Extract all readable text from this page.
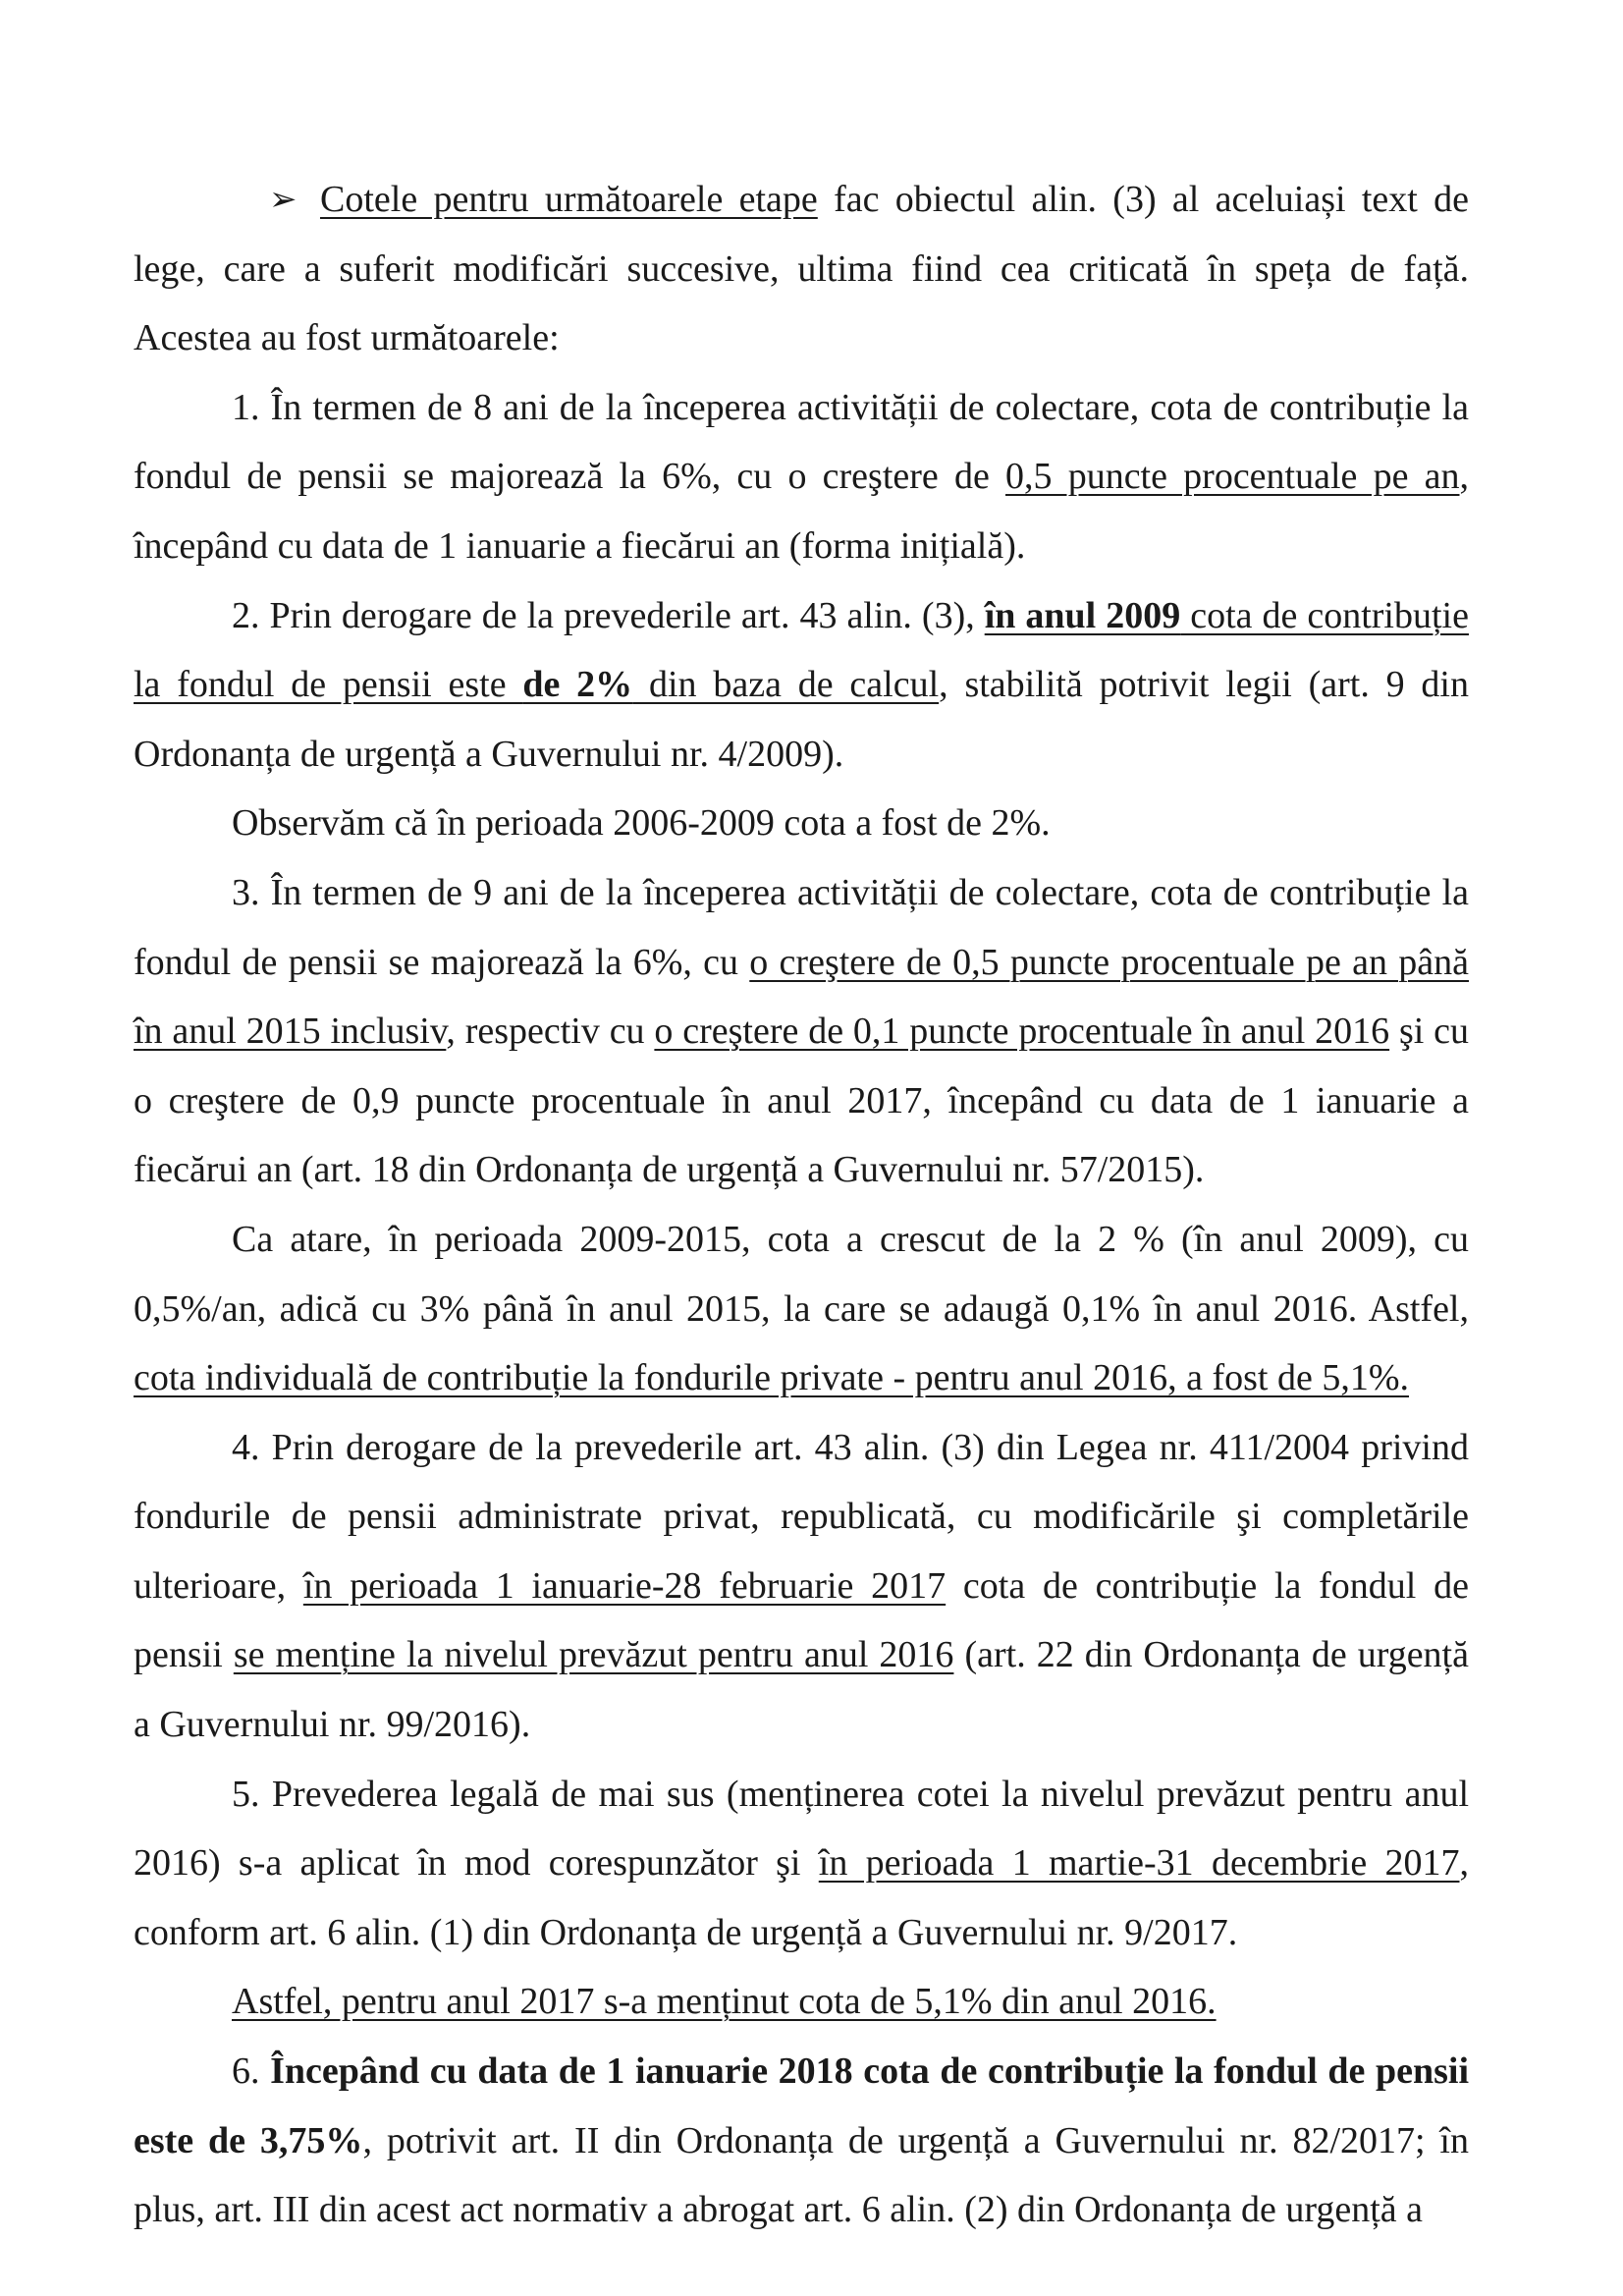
➢ Cotele pentru următoarele etape fac obiectul alin. (3) al aceluiași text de lege, care a suferit modificări succesive, ultima fiind cea criticată în speța de față. Acestea au fost următoarele:

1. În termen de 8 ani de la începerea activității de colectare, cota de contribuție la fondul de pensii se majorează la 6%, cu o creştere de 0,5 puncte procentuale pe an, începând cu data de 1 ianuarie a fiecărui an (forma inițială).

2. Prin derogare de la prevederile art. 43 alin. (3), în anul 2009 cota de contribuție la fondul de pensii este de 2% din baza de calcul, stabilită potrivit legii (art. 9 din Ordonanța de urgență a Guvernului nr. 4/2009).

Observăm că în perioada 2006-2009 cota a fost de 2%.

3. În termen de 9 ani de la începerea activității de colectare, cota de contribuție la fondul de pensii se majorează la 6%, cu o creştere de 0,5 puncte procentuale pe an până în anul 2015 inclusiv, respectiv cu o creştere de 0,1 puncte procentuale în anul 2016 şi cu o creştere de 0,9 puncte procentuale în anul 2017, începând cu data de 1 ianuarie a fiecărui an (art. 18 din Ordonanța de urgență a Guvernului nr. 57/2015).

Ca atare, în perioada 2009-2015, cota a crescut de la 2 % (în anul 2009), cu 0,5%/an, adică cu 3% până în anul 2015, la care se adaugă 0,1% în anul 2016. Astfel, cota individuală de contribuție la fondurile private - pentru anul 2016, a fost de 5,1%.

4. Prin derogare de la prevederile art. 43 alin. (3) din Legea nr. 411/2004 privind fondurile de pensii administrate privat, republicată, cu modificările şi completările ulterioare, în perioada 1 ianuarie-28 februarie 2017 cota de contribuție la fondul de pensii se menține la nivelul prevăzut pentru anul 2016 (art. 22 din Ordonanța de urgență a Guvernului nr. 99/2016).

5. Prevederea legală de mai sus (menținerea cotei la nivelul prevăzut pentru anul 2016) s-a aplicat în mod corespunzător şi în perioada 1 martie-31 decembrie 2017, conform art. 6 alin. (1) din Ordonanța de urgență a Guvernului nr. 9/2017.

Astfel, pentru anul 2017 s-a menținut cota de 5,1% din anul 2016.

6. Începând cu data de 1 ianuarie 2018 cota de contribuție la fondul de pensii este de 3,75%, potrivit art. II din Ordonanța de urgență a Guvernului nr. 82/2017; în plus, art. III din acest act normativ a abrogat art. 6 alin. (2) din Ordonanța de urgență a
